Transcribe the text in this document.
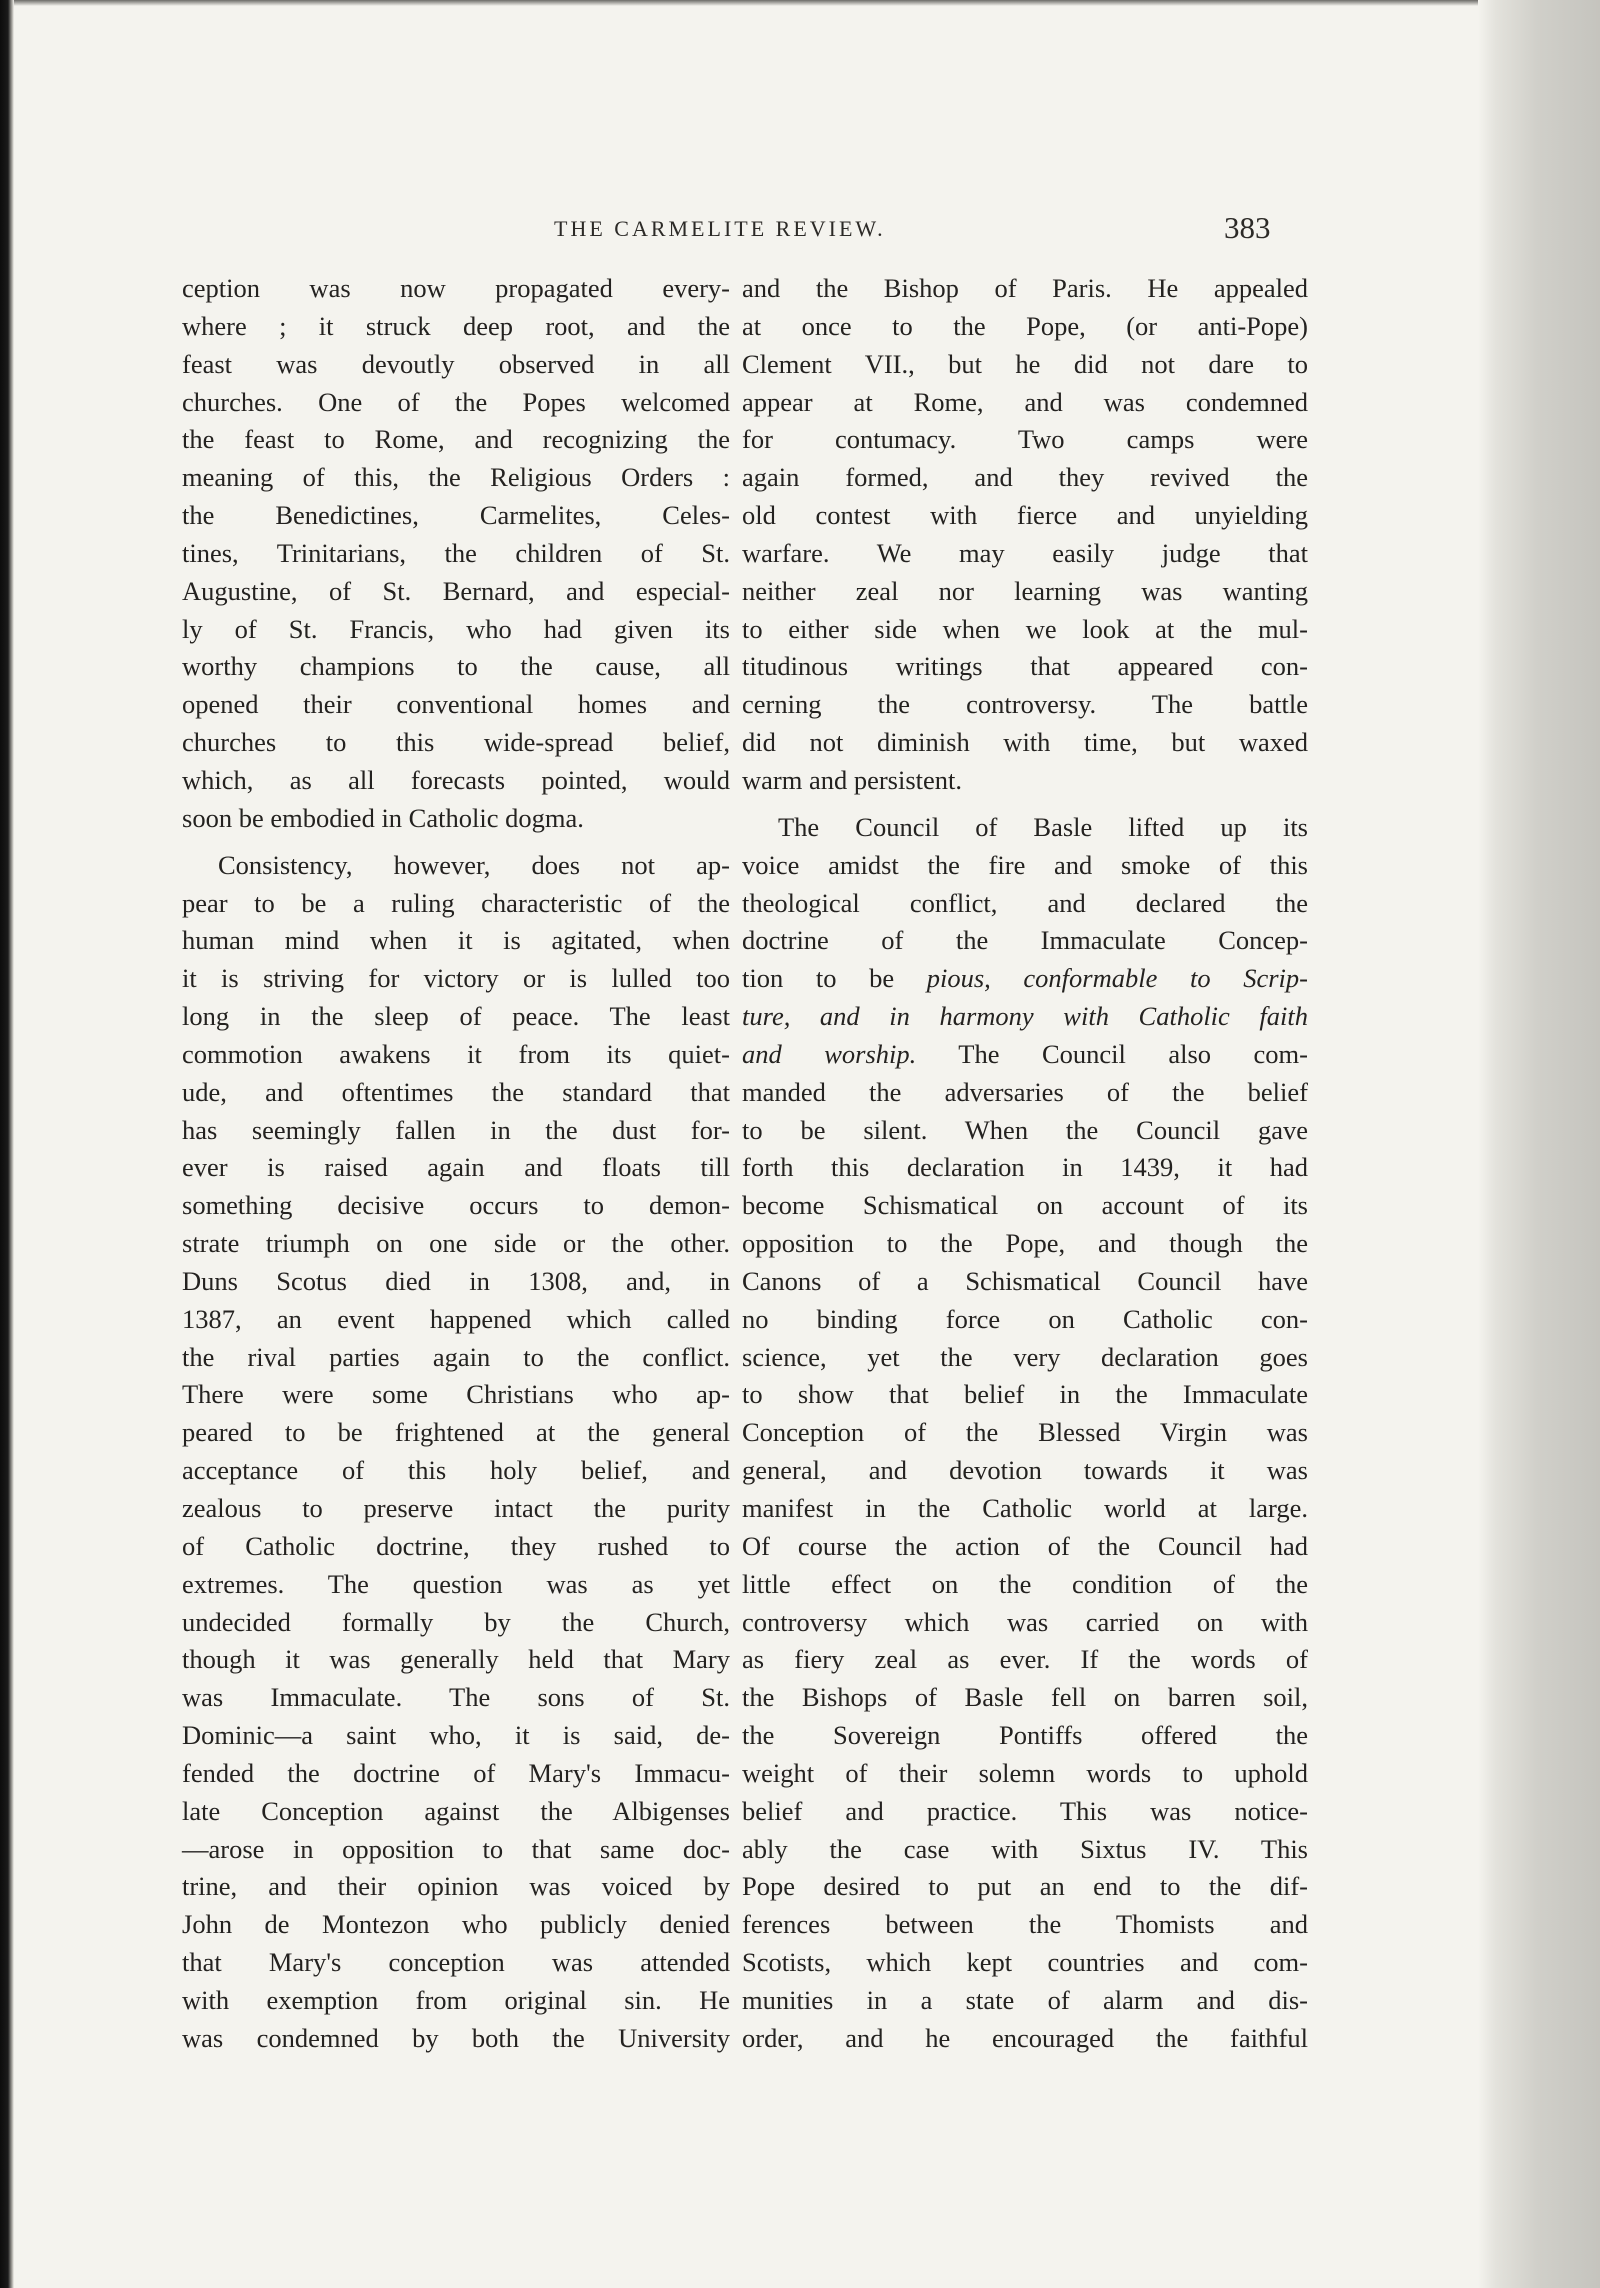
THE CARMELITE REVIEW.	383
ception was now propagated every-
where ; it struck deep root, and the
feast was devoutly observed in all
churches. One of the Popes welcomed
the feast to Rome, and recognizing the
meaning of this, the Religious Orders :
the Benedictines, Carmelites, Celes-
tines, Trinitarians, the children of St.
Augustine, of St. Bernard, and especial-
ly of St. Francis, who had given its
worthy champions to the cause, all
opened their conventional homes and
churches to this wide-spread belief,
which, as all forecasts pointed, would
soon be embodied in Catholic dogma.
Consistency, however, does not ap-
pear to be a ruling characteristic of the
human mind when it is agitated, when
it is striving for victory or is lulled too
long in the sleep of peace. The least
commotion awakens it from its quiet-
ude, and oftentimes the standard that
has seemingly fallen in the dust for-
ever is raised again and floats till
something decisive occurs to demon-
strate triumph on one side or the other.
Duns Scotus died in 1308, and, in
1387, an event happened which called
the rival parties again to the conflict.
There were some Christians who ap-
peared to be frightened at the general
acceptance of this holy belief, and
zealous to preserve intact the purity
of Catholic doctrine, they rushed to
extremes. The question was as yet
undecided formally by the Church,
though it was generally held that Mary
was Immaculate. The sons of St.
Dominic—a saint who, it is said, de-
fended the doctrine of Mary's Immacu-
late Conception against the Albigenses
—arose in opposition to that same doc-
trine, and their opinion was voiced by
John de Montezon who publicly denied
that Mary's conception was attended
with exemption from original sin. He
was condemned by both the University
and the Bishop of Paris. He appealed
at once to the Pope, (or anti-Pope)
Clement VII., but he did not dare to
appear at Rome, and was condemned
for contumacy. Two camps were
again formed, and they revived the
old contest with fierce and unyielding
warfare. We may easily judge that
neither zeal nor learning was wanting
to either side when we look at the mul-
titudinous writings that appeared con-
cerning the controversy. The battle
did not diminish with time, but waxed
warm and persistent.
The Council of Basle lifted up its
voice amidst the fire and smoke of this
theological conflict, and declared the
doctrine of the Immaculate Concep-
tion to be pious, conformable to Scrip-
ture, and in harmony with Catholic faith
and worship. The Council also com-
manded the adversaries of the belief
to be silent. When the Council gave
forth this declaration in 1439, it had
become Schismatical on account of its
opposition to the Pope, and though the
Canons of a Schismatical Council have
no binding force on Catholic con-
science, yet the very declaration goes
to show that belief in the Immaculate
Conception of the Blessed Virgin was
general, and devotion towards it was
manifest in the Catholic world at large.
Of course the action of the Council had
little effect on the condition of the
controversy which was carried on with
as fiery zeal as ever. If the words of
the Bishops of Basle fell on barren soil,
the Sovereign Pontiffs offered the
weight of their solemn words to uphold
belief and practice. This was notice-
ably the case with Sixtus IV. This
Pope desired to put an end to the dif-
ferences between the Thomists and
Scotists, which kept countries and com-
munities in a state of alarm and dis-
order, and he encouraged the faithful
